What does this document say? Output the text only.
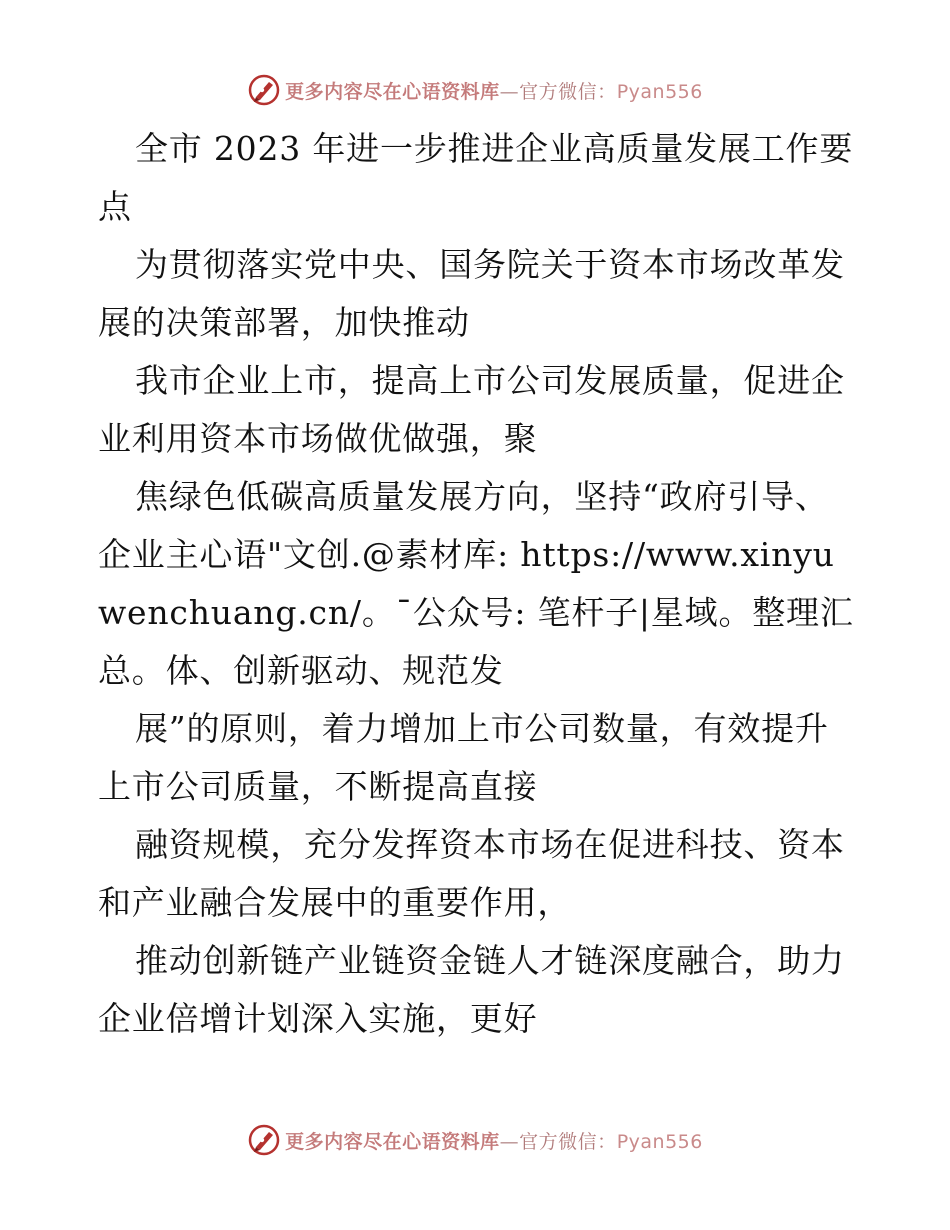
更多内容尽在心语资料库—官方微信：Pyan556

全市 2023 年进一步推进企业高质量发展工作要点

为贯彻落实党中央、国务院关于资本市场改革发展的决策部署，加快推动

我市企业上市，提高上市公司发展质量，促进企业利用资本市场做优做强，聚

焦绿色低碳高质量发展方向，坚持“政府引导、企业主心语"文创.@素材库: https://www.xinyuwenchuang.cn/。¯公众号: 笔杆子|星域。整理汇总。体、创新驱动、规范发

展”的原则，着力增加上市公司数量，有效提升上市公司质量，不断提高直接

融资规模，充分发挥资本市场在促进科技、资本和产业融合发展中的重要作用，

推动创新链产业链资金链人才链深度融合，助力企业倍增计划深入实施，更好

更多内容尽在心语资料库—官方微信：Pyan556
